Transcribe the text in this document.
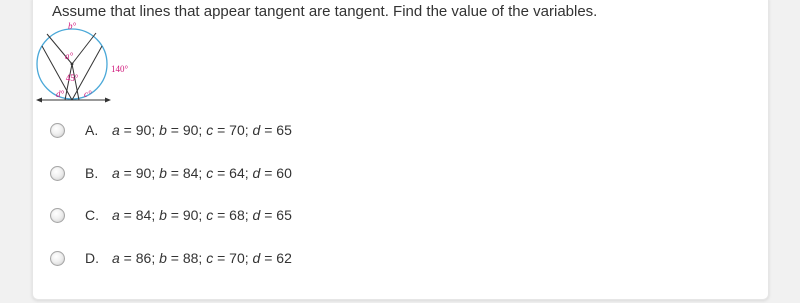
Assume that lines that appear tangent are tangent. Find the value of the variables.
b°
a°
45°
140°
d° c°
A. a = 90; b = 90; c = 70; d = 65
B. a = 90; b = 84; c = 64; d = 60
C. a = 84; b = 90; c = 68; d = 65
D. a = 86; b = 88; c = 70; d = 62
